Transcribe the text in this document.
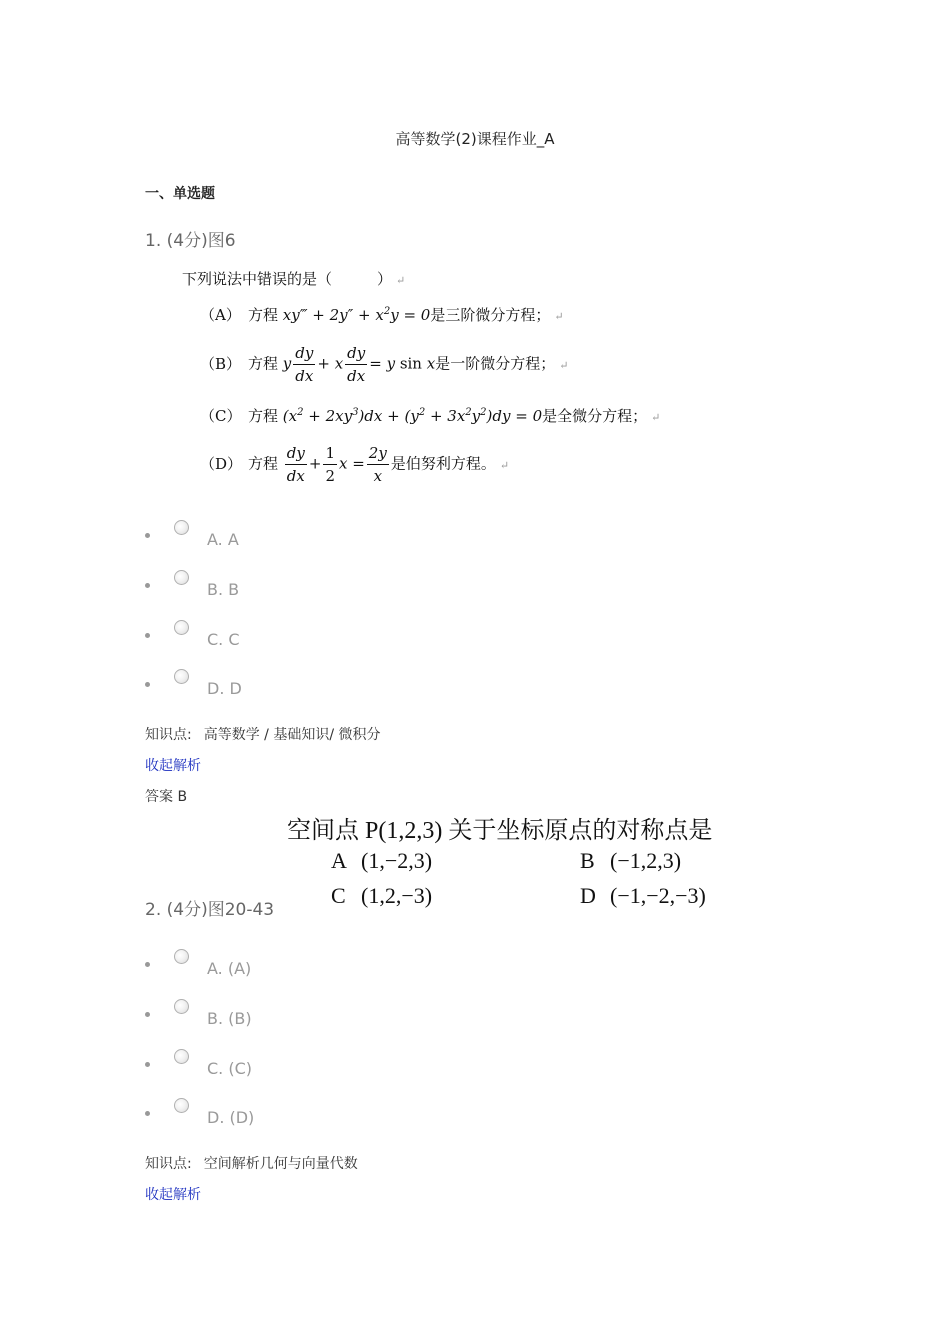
高等数学(2)课程作业_A
一、单选题
1. (4分)图6
下列说法中错误的是（　　　） ↵
（A） 方程 xy‴ + $2y'' + x^2y = 0$是三阶微分方程； ↵
（B） 方程 y $\frac{dy}{dx} + x \frac{dy}{dx} = y$ sin x是一阶微分方程； ↵
（C） 方程 $(x^2 + 2xy^3)dx + (y^2 + 3x^2y^2)dy = 0$是全微分方程； ↵
（D） 方程 $\frac{dy}{dx} + \frac{1}{2}$ $x = \frac{2y}{x}$ 是伯努利方程。 ↵
A. A
B. B
C. C
D. D
知识点: 高等数学 / 基础知识/ 微积分
收起解析
答案 B
空间点 P(1,2,3) 关于坐标原点的对称点是
A (1,−2,3)	B (−1,2,3)
C (1,2,−3)	D (−1,−2,−3)
2. (4分)图20-43
A. (A)
B. (B)
C. (C)
D. (D)
知识点: 空间解析几何与向量代数
收起解析
